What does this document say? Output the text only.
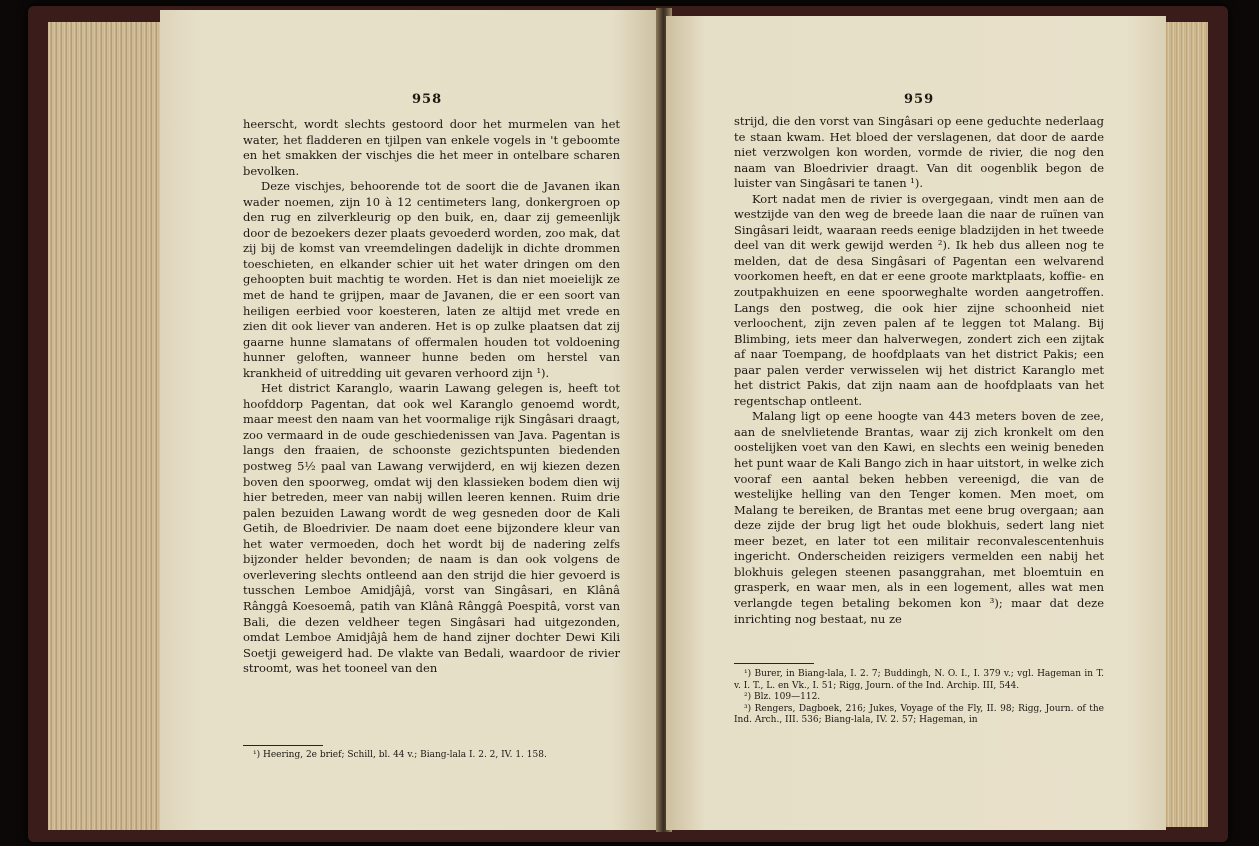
958

heerscht, wordt slechts gestoord door het murmelen van het water, het fladderen en tjilpen van enkele vogels in 't geboomte en het smakken der vischjes die het meer in ontelbare scharen bevolken.

Deze vischjes, behoorende tot de soort die de Javanen ikan wader noemen, zijn 10 à 12 centimeters lang, donkergroen op den rug en zilverkleurig op den buik, en, daar zij gemeenlijk door de bezoekers dezer plaats gevoederd worden, zoo mak, dat zij bij de komst van vreemdelingen dadelijk in dichte drommen toeschieten, en elkander schier uit het water dringen om den gehoopten buit machtig te worden. Het is dan niet moeielijk ze met de hand te grijpen, maar de Javanen, die er een soort van heiligen eerbied voor koesteren, laten ze altijd met vrede en zien dit ook liever van anderen. Het is op zulke plaatsen dat zij gaarne hunne slamatans of offermalen houden tot voldoening hunner geloften, wanneer hunne beden om herstel van krankheid of uitredding uit gevaren verhoord zijn ¹).

Het district Karanglo, waarin Lawang gelegen is, heeft tot hoofddorp Pagentan, dat ook wel Karanglo genoemd wordt, maar meest den naam van het voormalige rijk Singâsari draagt, zoo vermaard in de oude geschiedenissen van Java. Pagentan is langs den fraaien, de schoonste gezichtspunten biedenden postweg 5½ paal van Lawang verwijderd, en wij kiezen dezen boven den spoorweg, omdat wij den klassieken bodem dien wij hier betreden, meer van nabij willen leeren kennen. Ruim drie palen bezuiden Lawang wordt de weg gesneden door de Kali Getih, de Bloedrivier. De naam doet eene bijzondere kleur van het water vermoeden, doch het wordt bij de nadering zelfs bijzonder helder bevonden; de naam is dan ook volgens de overlevering slechts ontleend aan den strijd die hier gevoerd is tusschen Lemboe Amidjâjâ, vorst van Singâsari, en Klânâ Rânggâ Koesoemâ, patih van Klânâ Rânggâ Poespitâ, vorst van Bali, die dezen veldheer tegen Singâsari had uitgezonden, omdat Lemboe Amidjâjâ hem de hand zijner dochter Dewi Kili Soetji geweigerd had. De vlakte van Bedali, waardoor de rivier stroomt, was het tooneel van den

¹) Heering, 2e brief; Schill, bl. 44 v.; Biang-lala I. 2. 2, IV. 1. 158.
959

strijd, die den vorst van Singâsari op eene geduchte nederlaag te staan kwam. Het bloed der verslagenen, dat door de aarde niet verzwolgen kon worden, vormde de rivier, die nog den naam van Bloedrivier draagt. Van dit oogenblik begon de luister van Singâsari te tanen ¹).

Kort nadat men de rivier is overgegaan, vindt men aan de westzijde van den weg de breede laan die naar de ruïnen van Singâsari leidt, waaraan reeds eenige bladzijden in het tweede deel van dit werk gewijd werden ²). Ik heb dus alleen nog te melden, dat de desa Singâsari of Pagentan een welvarend voorkomen heeft, en dat er eene groote marktplaats, koffie- en zoutpakhuizen en eene spoorweghalte worden aangetroffen. Langs den postweg, die ook hier zijne schoonheid niet verloochent, zijn zeven palen af te leggen tot Malang. Bij Blimbing, iets meer dan halverwegen, zondert zich een zijtak af naar Toempang, de hoofdplaats van het district Pakis; een paar palen verder verwisselen wij het district Karanglo met het district Pakis, dat zijn naam aan de hoofdplaats van het regentschap ontleent.

Malang ligt op eene hoogte van 443 meters boven de zee, aan de snelvlietende Brantas, waar zij zich kronkelt om den oostelijken voet van den Kawi, en slechts een weinig beneden het punt waar de Kali Bango zich in haar uitstort, in welke zich vooraf een aantal beken hebben vereenigd, die van de westelijke helling van den Tenger komen. Men moet, om Malang te bereiken, de Brantas met eene brug overgaan; aan deze zijde der brug ligt het oude blokhuis, sedert lang niet meer bezet, en later tot een militair reconvalescentenhuis ingericht. Onderscheiden reizigers vermelden een nabij het blokhuis gelegen steenen pasanggrahan, met bloemtuin en grasperk, en waar men, als in een logement, alles wat men verlangde tegen betaling bekomen kon ³); maar dat deze inrichting nog bestaat, nu ze

¹) Burer, in Biang-lala, I. 2. 7; Buddingh, N. O. I., I. 379 v.; vgl. Hageman in T. v. I. T., L. en Vk., I. 51; Rigg, Journ. of the Ind. Archip. III, 544.
²) Blz. 109—112.
³) Rengers, Dagboek, 216; Jukes, Voyage of the Fly, II. 98; Rigg, Journ. of the Ind. Arch., III. 536; Biang-lala, IV. 2. 57; Hageman, in
